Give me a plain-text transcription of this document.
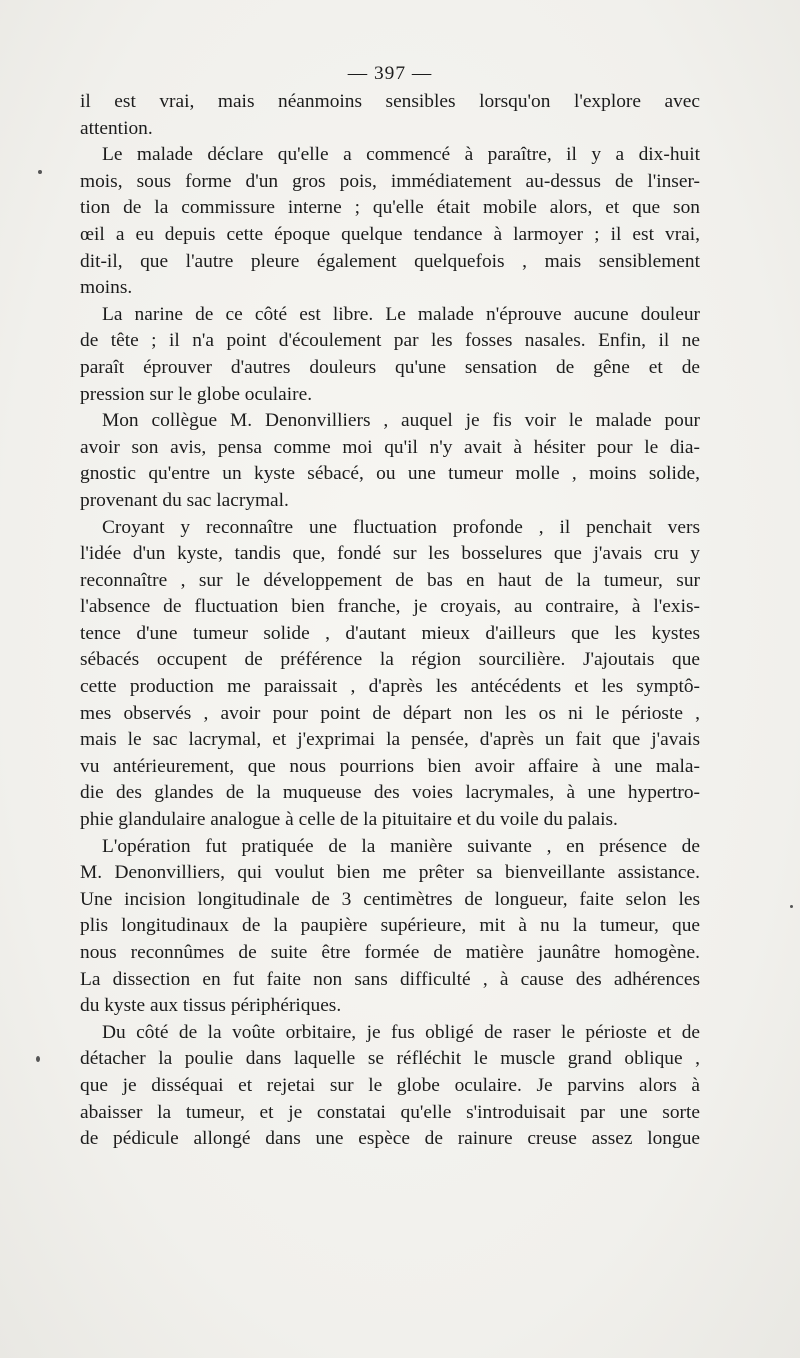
— 397 —
il est vrai, mais néanmoins sensibles lorsqu'on l'explore avec
attention.
Le malade déclare qu'elle a commencé à paraître, il y a dix-huit
mois, sous forme d'un gros pois, immédiatement au-dessus de l'inser-
tion de la commissure interne ; qu'elle était mobile alors, et que son
œil a eu depuis cette époque quelque tendance à larmoyer ; il est vrai,
dit-il, que l'autre pleure également quelquefois , mais sensiblement
moins.
La narine de ce côté est libre. Le malade n'éprouve aucune douleur
de tête ; il n'a point d'écoulement par les fosses nasales. Enfin, il ne
paraît éprouver d'autres douleurs qu'une sensation de gêne et de
pression sur le globe oculaire.
Mon collègue M. Denonvilliers , auquel je fis voir le malade pour
avoir son avis, pensa comme moi qu'il n'y avait à hésiter pour le dia-
gnostic qu'entre un kyste sébacé, ou une tumeur molle , moins solide,
provenant du sac lacrymal.
Croyant y reconnaître une fluctuation profonde , il penchait vers
l'idée d'un kyste, tandis que, fondé sur les bosselures que j'avais cru y
reconnaître , sur le développement de bas en haut de la tumeur, sur
l'absence de fluctuation bien franche, je croyais, au contraire, à l'exis-
tence d'une tumeur solide , d'autant mieux d'ailleurs que les kystes
sébacés occupent de préférence la région sourcilière. J'ajoutais que
cette production me paraissait , d'après les antécédents et les symptô-
mes observés , avoir pour point de départ non les os ni le périoste ,
mais le sac lacrymal, et j'exprimai la pensée, d'après un fait que j'avais
vu antérieurement, que nous pourrions bien avoir affaire à une mala-
die des glandes de la muqueuse des voies lacrymales, à une hypertro-
phie glandulaire analogue à celle de la pituitaire et du voile du palais.
L'opération fut pratiquée de la manière suivante , en présence de
M. Denonvilliers, qui voulut bien me prêter sa bienveillante assistance.
Une incision longitudinale de 3 centimètres de longueur, faite selon les
plis longitudinaux de la paupière supérieure, mit à nu la tumeur, que
nous reconnûmes de suite être formée de matière jaunâtre homogène.
La dissection en fut faite non sans difficulté , à cause des adhérences
du kyste aux tissus périphériques.
Du côté de la voûte orbitaire, je fus obligé de raser le périoste et de
détacher la poulie dans laquelle se réfléchit le muscle grand oblique ,
que je disséquai et rejetai sur le globe oculaire. Je parvins alors à
abaisser la tumeur, et je constatai qu'elle s'introduisait par une sorte
de pédicule allongé dans une espèce de rainure creuse assez longue
